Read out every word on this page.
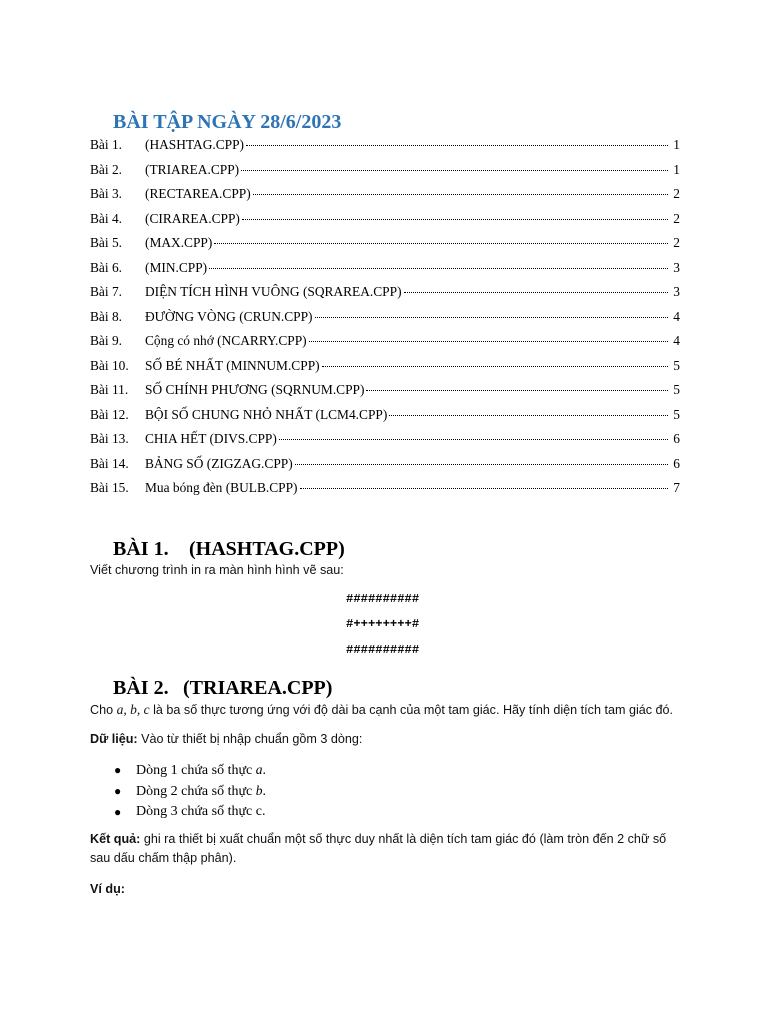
BÀI TẬP NGÀY 28/6/2023
Bài 1.	(HASHTAG.CPP)	1
Bài 2.	(TRIAREA.CPP)	1
Bài 3.	(RECTAREA.CPP)	2
Bài 4.	(CIRAREA.CPP)	2
Bài 5.	(MAX.CPP)	2
Bài 6.	(MIN.CPP)	3
Bài 7.	DIỆN TÍCH HÌNH VUÔNG (SQRAREA.CPP)	3
Bài 8.	ĐƯỜNG VÒNG (CRUN.CPP)	4
Bài 9.	Cộng có nhớ (NCARRY.CPP)	4
Bài 10.	SỐ BÉ NHẤT (MINNUM.CPP)	5
Bài 11.	SỐ CHÍNH PHƯƠNG (SQRNUM.CPP)	5
Bài 12.	BỘI SỐ CHUNG NHỎ NHẤT (LCM4.CPP)	5
Bài 13.	CHIA HẾT (DIVS.CPP)	6
Bài 14.	BẢNG SỐ (ZIGZAG.CPP)	6
Bài 15.	Mua bóng đèn (BULB.CPP)	7
BÀI 1. (HASHTAG.CPP)

Viết chương trình in ra màn hình hình vẽ sau:

##########
#++++++++#
##########
BÀI 2. (TRIAREA.CPP)

Cho a, b, c là ba số thực tương ứng với độ dài ba cạnh của một tam giác. Hãy tính diện tích tam giác đó.

Dữ liệu: Vào từ thiết bị nhập chuẩn gồm 3 dòng:

●	Dòng 1 chứa số thực a.
●	Dòng 2 chứa số thực b.
●	Dòng 3 chứa số thực c.

Kết quả: ghi ra thiết bị xuất chuẩn một số thực duy nhất là diện tích tam giác đó (làm tròn đến 2 chữ số sau dấu chấm thập phân).

Ví dụ:
